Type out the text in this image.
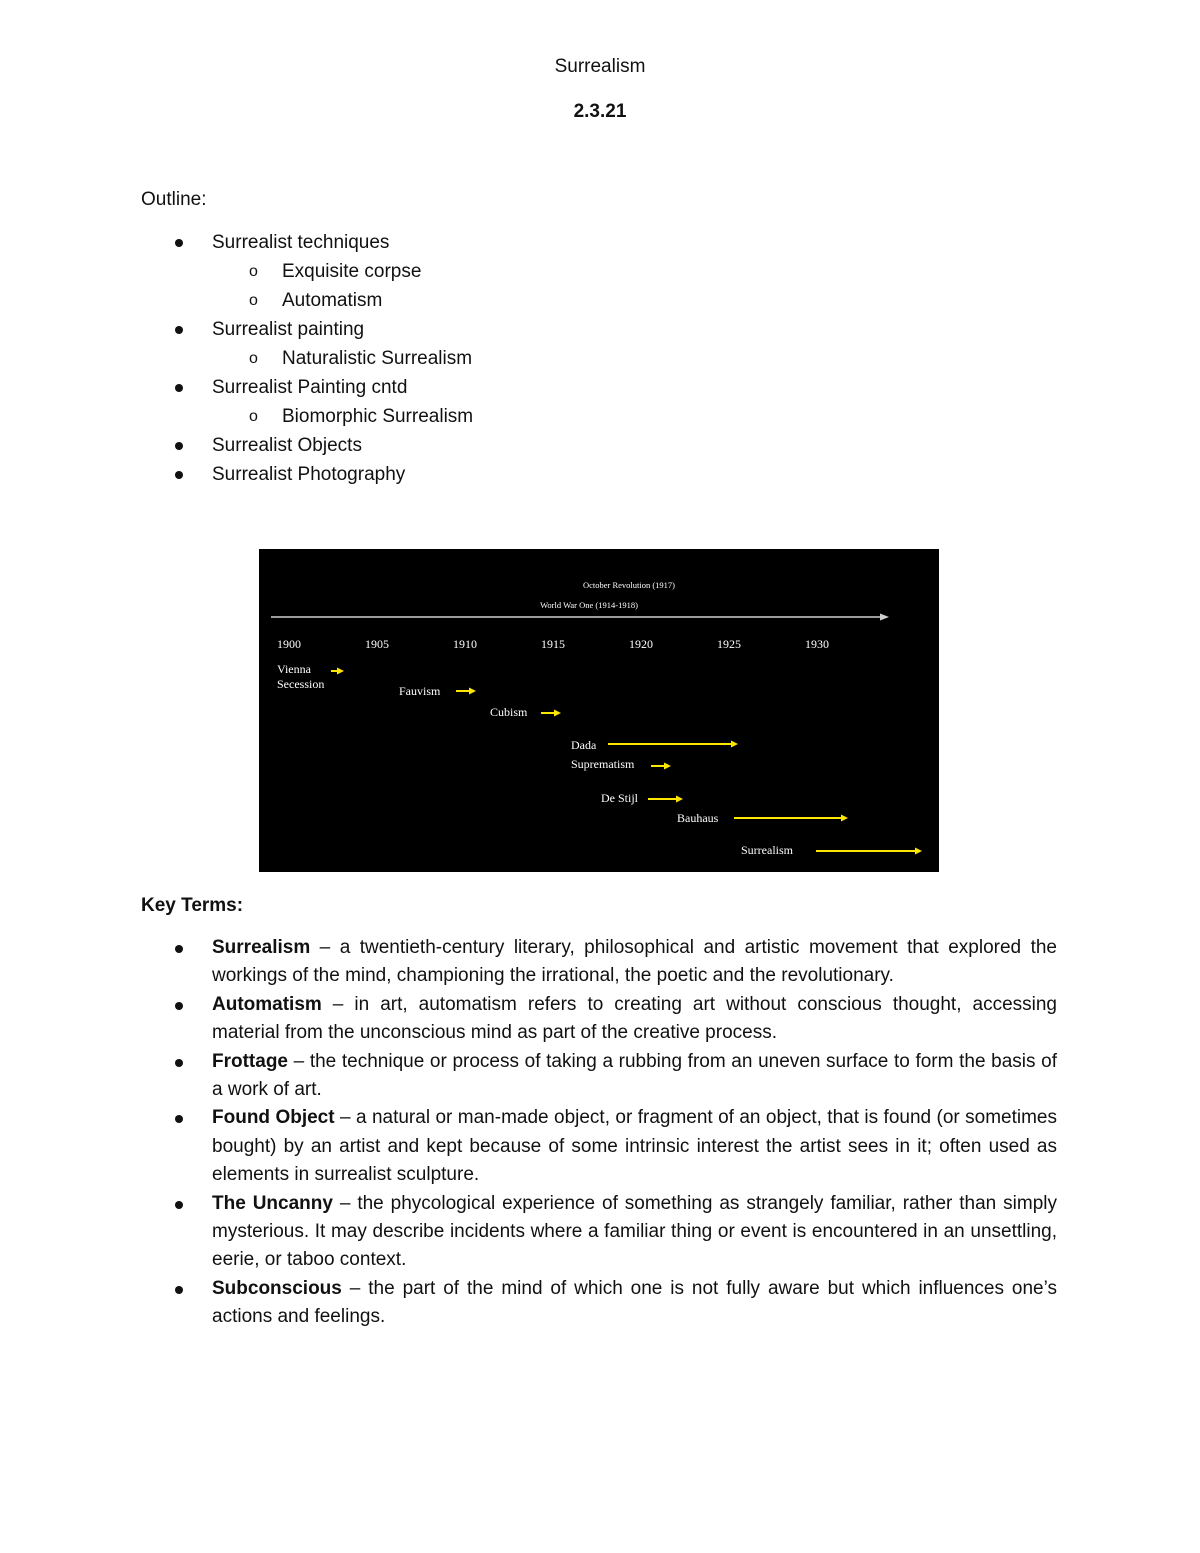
Surrealism
2.3.21
Outline:
Surrealist techniques
o Exquisite corpse
o Automatism
Surrealist painting
o Naturalistic Surrealism
Surrealist Painting cntd
o Biomorphic Surrealism
Surrealist Objects
Surrealist Photography
October Revolution (1917)
World War One (1914-1918)
1900	1905	1910	1915	1920	1925	1930
Vienna
Secession	Fauvism
Cubism
Dada
Suprematism
De Stijl
Bauhaus
Surrealism
Key Terms:
Surrealism – a twentieth-century literary, philosophical and artistic movement that explored the workings of the mind, championing the irrational, the poetic and the revolutionary.
Automatism – in art, automatism refers to creating art without conscious thought, accessing material from the unconscious mind as part of the creative process.
Frottage – the technique or process of taking a rubbing from an uneven surface to form the basis of a work of art.
Found Object – a natural or man-made object, or fragment of an object, that is found (or sometimes bought) by an artist and kept because of some intrinsic interest the artist sees in it; often used as elements in surrealist sculpture.
The Uncanny – the phycological experience of something as strangely familiar, rather than simply mysterious. It may describe incidents where a familiar thing or event is encountered in an unsettling, eerie, or taboo context.
Subconscious – the part of the mind of which one is not fully aware but which influences one’s actions and feelings.
